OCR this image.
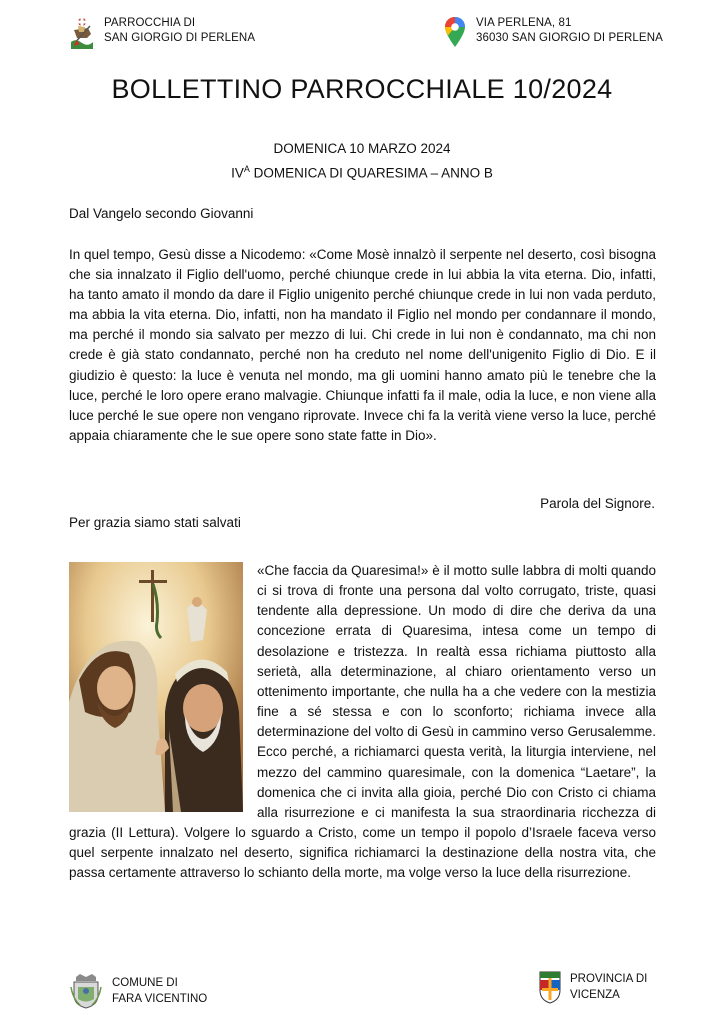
PARROCCHIA DI
SAN GIORGIO DI PERLENA
VIA PERLENA, 81
36030 SAN GIORGIO DI PERLENA
BOLLETTINO PARROCCHIALE 10/2024
DOMENICA 10 MARZO 2024
$IV^A$ DOMENICA DI QUARESIMA – ANNO B
Dal Vangelo secondo Giovanni

In quel tempo, Gesù disse a Nicodemo: «Come Mosè innalzò il serpente nel deserto, così bisogna che sia innalzato il Figlio dell'uomo, perché chiunque crede in lui abbia la vita eterna. Dio, infatti, ha tanto amato il mondo da dare il Figlio unigenito perché chiunque crede in lui non vada perduto, ma abbia la vita eterna. Dio, infatti, non ha mandato il Figlio nel mondo per condannare il mondo, ma perché il mondo sia salvato per mezzo di lui. Chi crede in lui non è condannato, ma chi non crede è già stato condannato, perché non ha creduto nel nome dell'unigenito Figlio di Dio. E il giudizio è questo: la luce è venuta nel mondo, ma gli uomini hanno amato più le tenebre che la luce, perché le loro opere erano malvagie. Chiunque infatti fa il male, odia la luce, e non viene alla luce perché le sue opere non vengano riprovate. Invece chi fa la verità viene verso la luce, perché appaia chiaramente che le sue opere sono state fatte in Dio».

Parola del Signore.
Per grazia siamo stati salvati

«Che faccia da Quaresima!» è il motto sulle labbra di molti quando ci si trova di fronte una persona dal volto corrugato, triste, quasi tendente alla depressione. Un modo di dire che deriva da una concezione errata di Quaresima, intesa come un tempo di desolazione e tristezza. In realtà essa richiama piuttosto alla serietà, alla determinazione, al chiaro orientamento verso un ottenimento importante, che nulla ha a che vedere con la mestizia fine a sé stessa e con lo sconforto; richiama invece alla determinazione del volto di Gesù in cammino verso Gerusalemme. Ecco perché, a richiamarci questa verità, la liturgia interviene, nel mezzo del cammino quaresimale, con la domenica “Laetare”, la domenica che ci invita alla gioia, perché Dio con Cristo ci chiama alla risurrezione e ci manifesta la sua straordinaria ricchezza di grazia (II Lettura). Volgere lo sguardo a Cristo, come un tempo il popolo d’Israele faceva verso quel serpente innalzato nel deserto, significa richiamarci la destinazione della nostra vita, che passa certamente attraverso lo schianto della morte, ma volge verso la luce della risurrezione.

COMUNE DI
FARA VICENTINO
PROVINCIA DI
VICENZA
